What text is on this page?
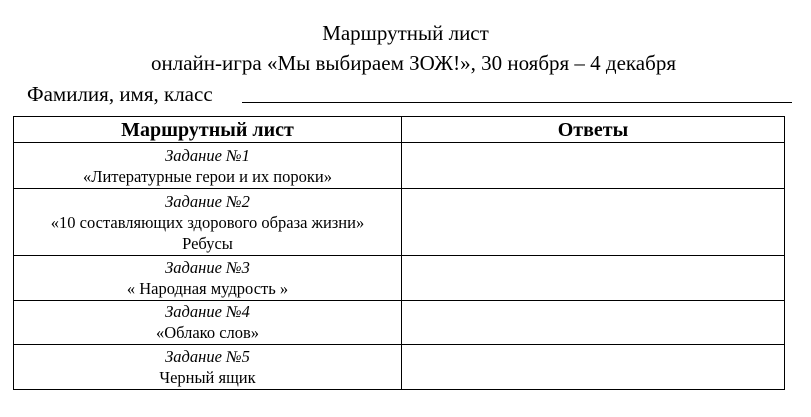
Маршрутный лист
онлайн-игра «Мы выбираем ЗОЖ!», 30 ноября – 4 декабря
Фамилия, имя, класс
Маршрутный лист	Ответы

Задание №1
«Литературные герои и их пороки»	

Задание №2
«10 составляющих здорового образа жизни»
Ребусы	

Задание №3
« Народная мудрость »	

Задание №4
«Облако слов»	

Задание №5
Черный ящик	
